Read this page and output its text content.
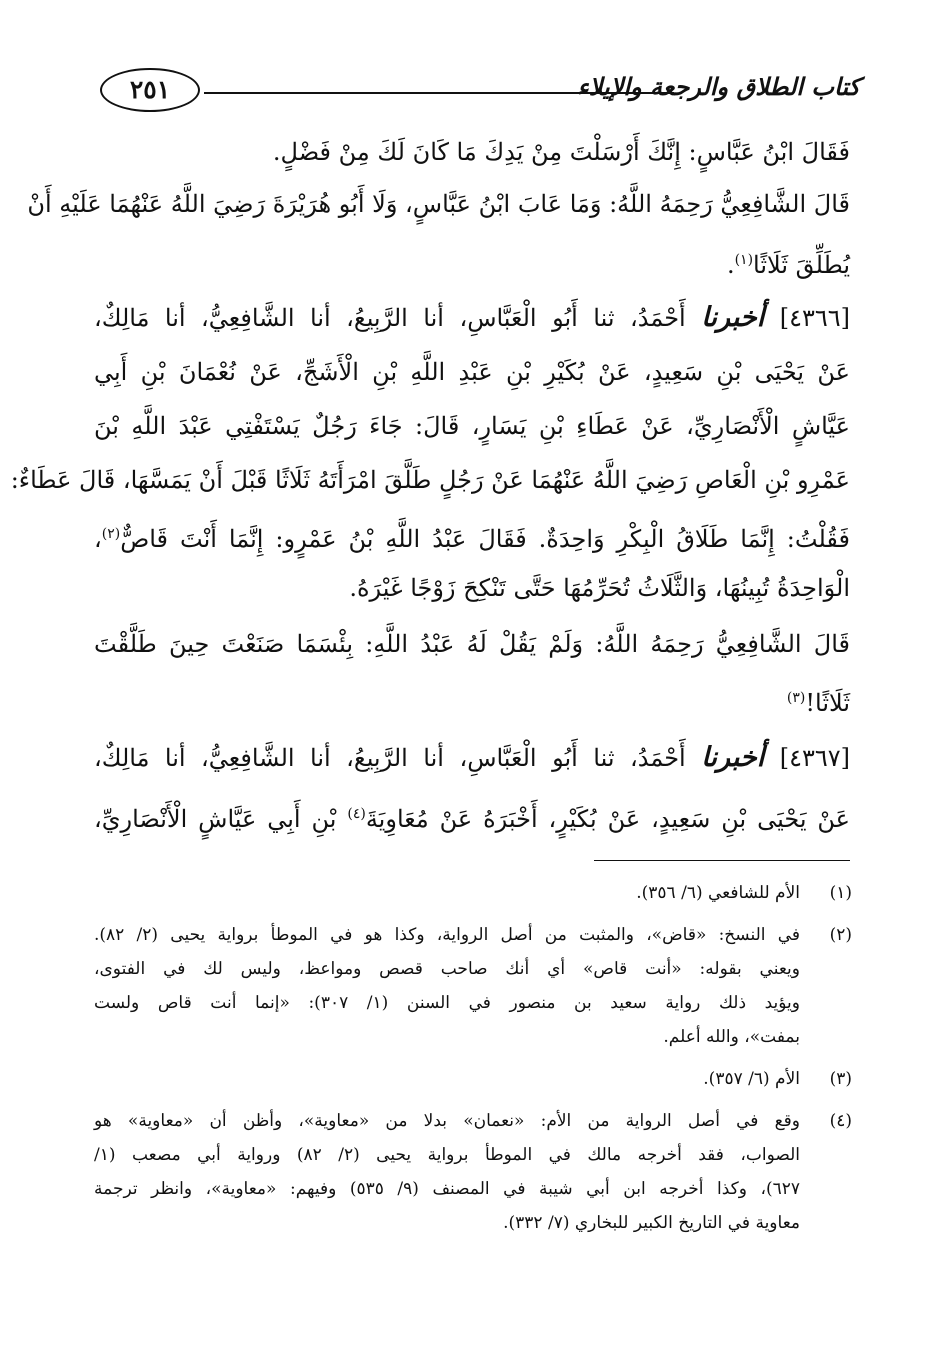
كتاب الطلاق والرجعة والإيلاء
٢٥١
فَقَالَ ابْنُ عَبَّاسٍ: إِنَّكَ أَرْسَلْتَ مِنْ يَدِكَ مَا كَانَ لَكَ مِنْ فَضْلٍ.
قَالَ الشَّافِعِيُّ رَحِمَهُ اللَّهُ: وَمَا عَابَ ابْنُ عَبَّاسٍ، وَلَا أَبُو هُرَيْرَةَ رَضِيَ اللَّهُ عَنْهُمَا عَلَيْهِ أَنْ
يُطَلِّقَ ثَلَاثًا$^{(١)}$.
[٤٣٦٦] أخبرنا أَحْمَدُ، ثنا أَبُو الْعَبَّاسِ، أنا الرَّبِيعُ، أنا الشَّافِعِيُّ، أنا مَالِكٌ،
عَنْ يَحْيَى بْنِ سَعِيدٍ، عَنْ بُكَيْرِ بْنِ عَبْدِ اللَّهِ بْنِ الْأَشَجِّ، عَنْ نُعْمَانَ بْنِ أَبِي
عَيَّاشٍ الْأَنْصَارِيِّ، عَنْ عَطَاءِ بْنِ يَسَارٍ، قَالَ: جَاءَ رَجُلٌ يَسْتَفْتِي عَبْدَ اللَّهِ بْنَ
عَمْرِو بْنِ الْعَاصِ رَضِيَ اللَّهُ عَنْهُمَا عَنْ رَجُلٍ طَلَّقَ امْرَأَتَهُ ثَلَاثًا قَبْلَ أَنْ يَمَسَّهَا، قَالَ عَطَاءٌ:
فَقُلْتُ: إِنَّمَا طَلَاقُ الْبِكْرِ وَاحِدَةٌ. فَقَالَ عَبْدُ اللَّهِ بْنُ عَمْرٍو: إِنَّمَا أَنْتَ قَاصٌّ$^{(٢)}$،
الْوَاحِدَةُ تُبِينُهَا، وَالثَّلَاثُ تُحَرِّمُهَا حَتَّى تَنْكِحَ زَوْجًا غَيْرَهُ.
قَالَ الشَّافِعِيُّ رَحِمَهُ اللَّهُ: وَلَمْ يَقُلْ لَهُ عَبْدُ اللَّهِ: بِئْسَمَا صَنَعْتَ حِينَ طَلَّقْتَ
ثَلَاثًا!$^{(٣)}$
[٤٣٦٧] أخبرنا أَحْمَدُ، ثنا أَبُو الْعَبَّاسِ، أنا الرَّبِيعُ، أنا الشَّافِعِيُّ، أنا مَالِكٌ،
عَنْ يَحْيَى بْنِ سَعِيدٍ، عَنْ بُكَيْرٍ، أَخْبَرَهُ عَنْ مُعَاوِيَةَ$^{(٤)}$ بْنِ أَبِي عَيَّاشٍ الْأَنْصَارِيِّ،
(١)
الأم للشافعي (٦/ ٣٥٦).
(٢)
في النسخ: «قاض»، والمثبت من أصل الرواية، وكذا هو في الموطأ برواية يحيى (٢/ ٨٢).
ويعني بقوله: «أنت قاص» أي أنك صاحب قصص ومواعظ، وليس لك في الفتوى،
ويؤيد ذلك رواية سعيد بن منصور في السنن (١/ ٣٠٧): «إنما أنت قاص ولست
بمفت»، والله أعلم.
(٣)
الأم (٦/ ٣٥٧).
(٤)
وقع في أصل الرواية من الأم: «نعمان» بدلا من «معاوية»، وأظن أن «معاوية» هو
الصواب، فقد أخرجه مالك في الموطأ برواية يحيى (٢/ ٨٢) ورواية أبي مصعب (١/
٦٢٧)، وكذا أخرجه ابن أبي شيبة في المصنف (٩/ ٥٣٥) وفيهم: «معاوية»، وانظر ترجمة
معاوية في التاريخ الكبير للبخاري (٧/ ٣٣٢).
